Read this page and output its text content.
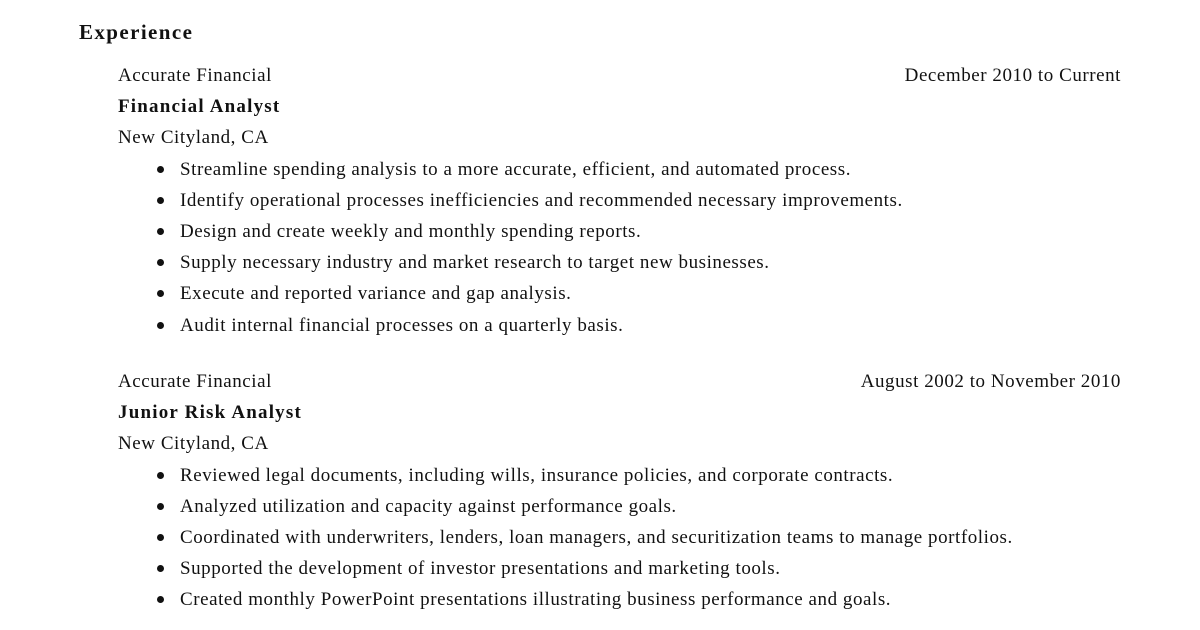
Experience
Accurate Financial	December 2010 to Current
Financial Analyst
New Cityland, CA
Streamline spending analysis to a more accurate, efficient, and automated process.
Identify operational processes inefficiencies and recommended necessary improvements.
Design and create weekly and monthly spending reports.
Supply necessary industry and market research to target new businesses.
Execute and reported variance and gap analysis.
Audit internal financial processes on a quarterly basis.
Accurate Financial	August 2002 to November 2010
Junior Risk Analyst
New Cityland, CA
Reviewed legal documents, including wills, insurance policies, and corporate contracts.
Analyzed utilization and capacity against performance goals.
Coordinated with underwriters, lenders, loan managers, and securitization teams to manage portfolios.
Supported the development of investor presentations and marketing tools.
Created monthly PowerPoint presentations illustrating business performance and goals.
